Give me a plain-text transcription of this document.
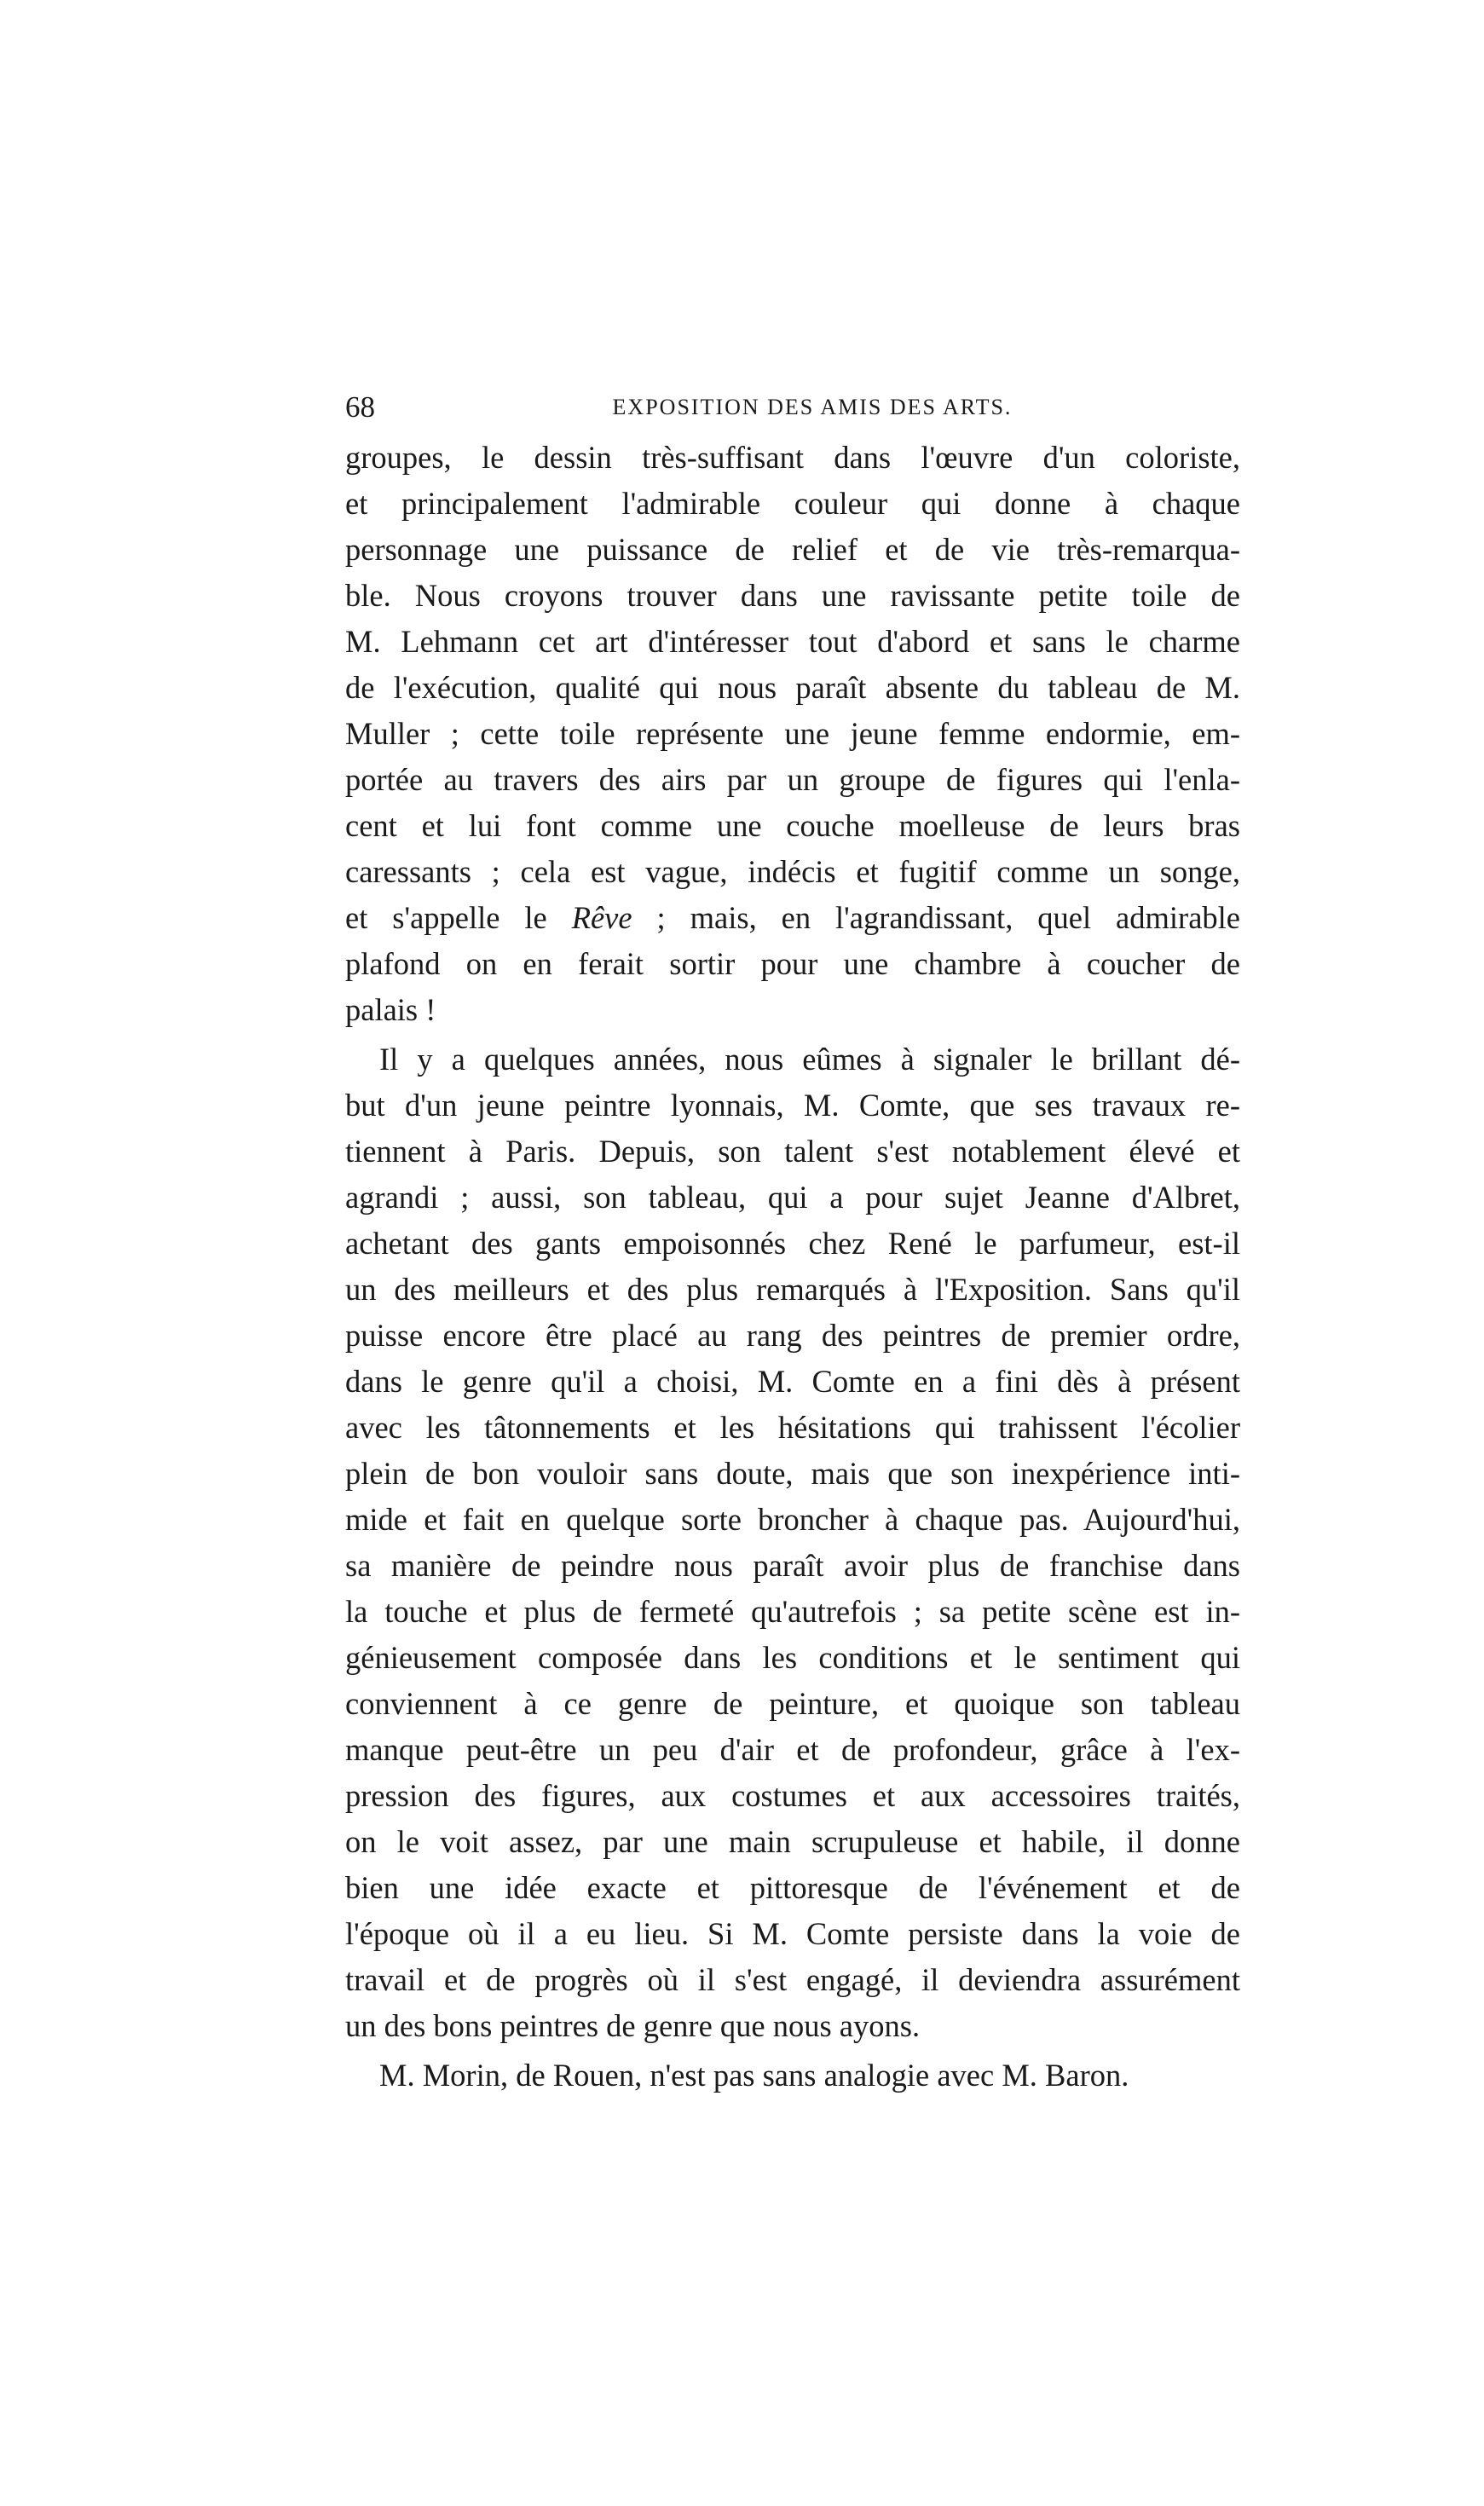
68	EXPOSITION DES AMIS DES ARTS.
groupes, le dessin très-suffisant dans l'œuvre d'un coloriste,
et principalement l'admirable couleur qui donne à chaque
personnage une puissance de relief et de vie très-remarqua-
ble. Nous croyons trouver dans une ravissante petite toile de
M. Lehmann cet art d'intéresser tout d'abord et sans le charme
de l'exécution, qualité qui nous paraît absente du tableau de M.
Muller ; cette toile représente une jeune femme endormie, em-
portée au travers des airs par un groupe de figures qui l'enla-
cent et lui font comme une couche moelleuse de leurs bras
caressants ; cela est vague, indécis et fugitif comme un songe,
et s'appelle le Rêve ; mais, en l'agrandissant, quel admirable
plafond on en ferait sortir pour une chambre à coucher de
palais !
Il y a quelques années, nous eûmes à signaler le brillant dé-
but d'un jeune peintre lyonnais, M. Comte, que ses travaux re-
tiennent à Paris. Depuis, son talent s'est notablement élevé et
agrandi ; aussi, son tableau, qui a pour sujet Jeanne d'Albret,
achetant des gants empoisonnés chez René le parfumeur, est-il
un des meilleurs et des plus remarqués à l'Exposition. Sans qu'il
puisse encore être placé au rang des peintres de premier ordre,
dans le genre qu'il a choisi, M. Comte en a fini dès à présent
avec les tâtonnements et les hésitations qui trahissent l'écolier
plein de bon vouloir sans doute, mais que son inexpérience inti-
mide et fait en quelque sorte broncher à chaque pas. Aujourd'hui,
sa manière de peindre nous paraît avoir plus de franchise dans
la touche et plus de fermeté qu'autrefois ; sa petite scène est in-
génieusement composée dans les conditions et le sentiment qui
conviennent à ce genre de peinture, et quoique son tableau
manque peut-être un peu d'air et de profondeur, grâce à l'ex-
pression des figures, aux costumes et aux accessoires traités,
on le voit assez, par une main scrupuleuse et habile, il donne
bien une idée exacte et pittoresque de l'événement et de
l'époque où il a eu lieu. Si M. Comte persiste dans la voie de
travail et de progrès où il s'est engagé, il deviendra assurément
un des bons peintres de genre que nous ayons.
M. Morin, de Rouen, n'est pas sans analogie avec M. Baron.
